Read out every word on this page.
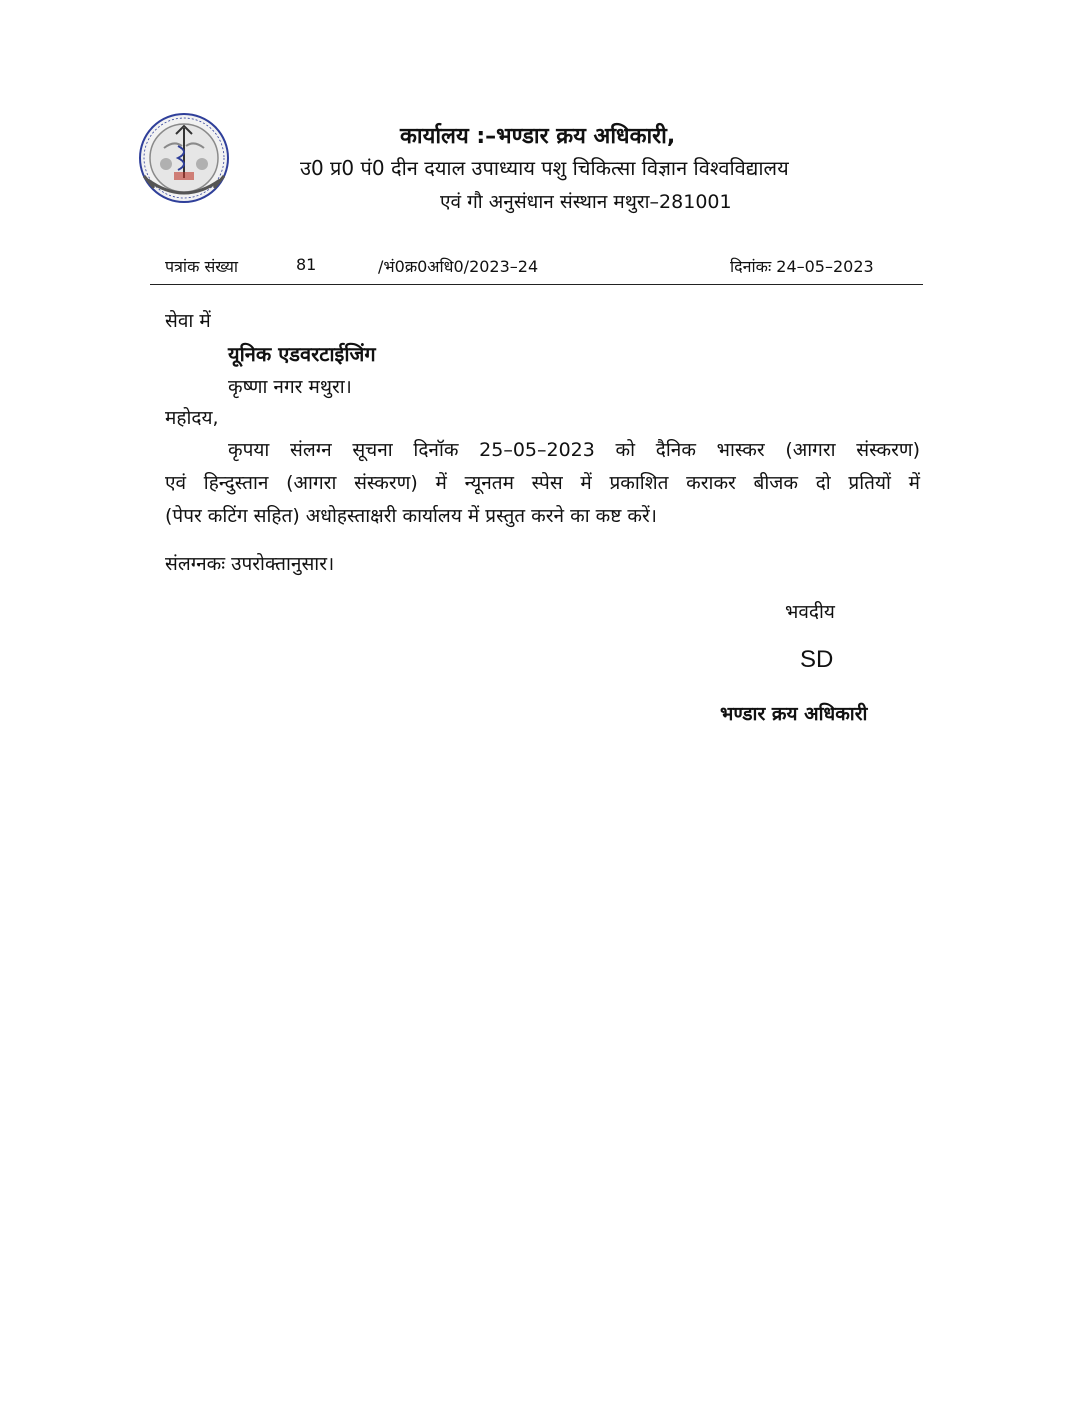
कार्यालय :–भण्डार क्रय अधिकारी,
उ0 प्र0 पं0 दीन दयाल उपाध्याय पशु चिकित्सा विज्ञान विश्वविद्यालय
एवं गौ अनुसंधान संस्थान मथुरा–281001
पत्रांक संख्या	81	/भं0क्र0अधि0/2023–24	दिनांकः 24–05–2023
सेवा में
यूनिक एडवरटाईजिंग
कृष्णा नगर मथुरा।
महोदय,
कृपया संलग्न सूचना दिनॉक 25–05–2023 को दैनिक भास्कर (आगरा संस्करण)
एवं हिन्दुस्तान (आगरा संस्करण) में न्यूनतम स्पेस में प्रकाशित कराकर बीजक दो प्रतियों में
(पेपर कटिंग सहित) अधोहस्ताक्षरी कार्यालय में प्रस्तुत करने का कष्ट करें।
संलग्नकः उपरोक्तानुसार।
भवदीय
SD
भण्डार क्रय अधिकारी
